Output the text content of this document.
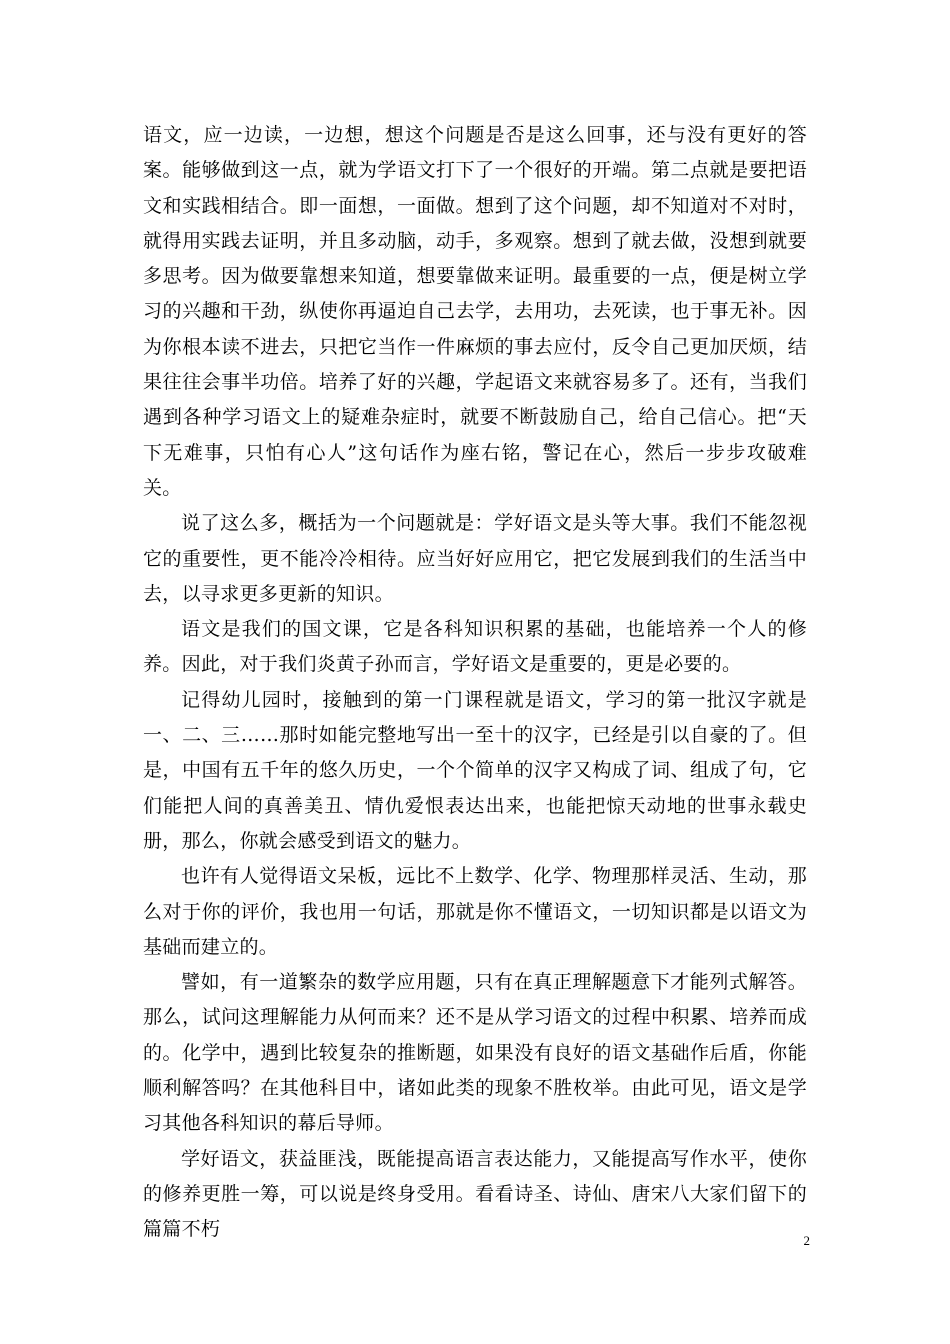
语文，应一边读，一边想，想这个问题是否是这么回事，还与没有更好的答案。能够做到这一点，就为学语文打下了一个很好的开端。第二点就是要把语文和实践相结合。即一面想，一面做。想到了这个问题，却不知道对不对时，就得用实践去证明，并且多动脑，动手，多观察。想到了就去做，没想到就要多思考。因为做要靠想来知道，想要靠做来证明。最重要的一点，便是树立学习的兴趣和干劲，纵使你再逼迫自己去学，去用功，去死读，也于事无补。因为你根本读不进去，只把它当作一件麻烦的事去应付，反令自己更加厌烦，结果往往会事半功倍。培养了好的兴趣，学起语文来就容易多了。还有，当我们遇到各种学习语文上的疑难杂症时，就要不断鼓励自己，给自己信心。把“天下无难事，只怕有心人”这句话作为座右铭，警记在心，然后一步步攻破难关。

说了这么多，概括为一个问题就是：学好语文是头等大事。我们不能忽视它的重要性，更不能冷冷相待。应当好好应用它，把它发展到我们的生活当中去，以寻求更多更新的知识。

语文是我们的国文课，它是各科知识积累的基础，也能培养一个人的修养。因此，对于我们炎黄子孙而言，学好语文是重要的，更是必要的。

记得幼儿园时，接触到的第一门课程就是语文，学习的第一批汉字就是一、二、三……那时如能完整地写出一至十的汉字，已经是引以自豪的了。但是，中国有五千年的悠久历史，一个个简单的汉字又构成了词、组成了句，它们能把人间的真善美丑、情仇爱恨表达出来，也能把惊天动地的世事永载史册，那么，你就会感受到语文的魅力。

也许有人觉得语文呆板，远比不上数学、化学、物理那样灵活、生动，那么对于你的评价，我也用一句话，那就是你不懂语文，一切知识都是以语文为基础而建立的。

譬如，有一道繁杂的数学应用题，只有在真正理解题意下才能列式解答。那么，试问这理解能力从何而来？还不是从学习语文的过程中积累、培养而成的。化学中，遇到比较复杂的推断题，如果没有良好的语文基础作后盾，你能顺利解答吗？在其他科目中，诸如此类的现象不胜枚举。由此可见，语文是学习其他各科知识的幕后导师。

学好语文，获益匪浅，既能提高语言表达能力，又能提高写作水平，使你的修养更胜一筹，可以说是终身受用。看看诗圣、诗仙、唐宋八大家们留下的篇篇不朽

2
